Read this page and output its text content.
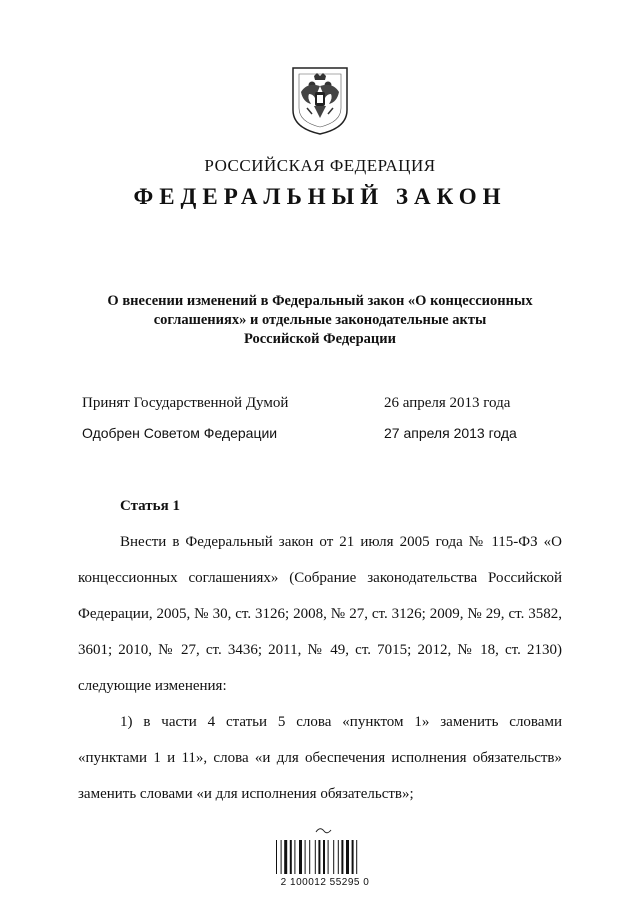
РОССИЙСКАЯ ФЕДЕРАЦИЯ
ФЕДЕРАЛЬНЫЙ ЗАКОН
О внесении изменений в Федеральный закон «О концессионных
соглашениях» и отдельные законодательные акты
Российской Федерации
Принят Государственной Думой	26 апреля 2013 года
Одобрен Советом Федерации	27 апреля 2013 года
Статья 1

Внести в Федеральный закон от 21 июля 2005 года № 115-ФЗ «О концессионных соглашениях» (Собрание законодательства Российской Федерации, 2005, № 30, ст. 3126; 2008, № 27, ст. 3126; 2009, № 29, ст. 3582, 3601; 2010, № 27, ст. 3436; 2011, № 49, ст. 7015; 2012, № 18, ст. 2130) следующие изменения:

1) в части 4 статьи 5 слова «пунктом 1» заменить словами «пунктами 1 и 11», слова «и для обеспечения исполнения обязательств» заменить словами «и для исполнения обязательств»;

2 100012 55295 0
